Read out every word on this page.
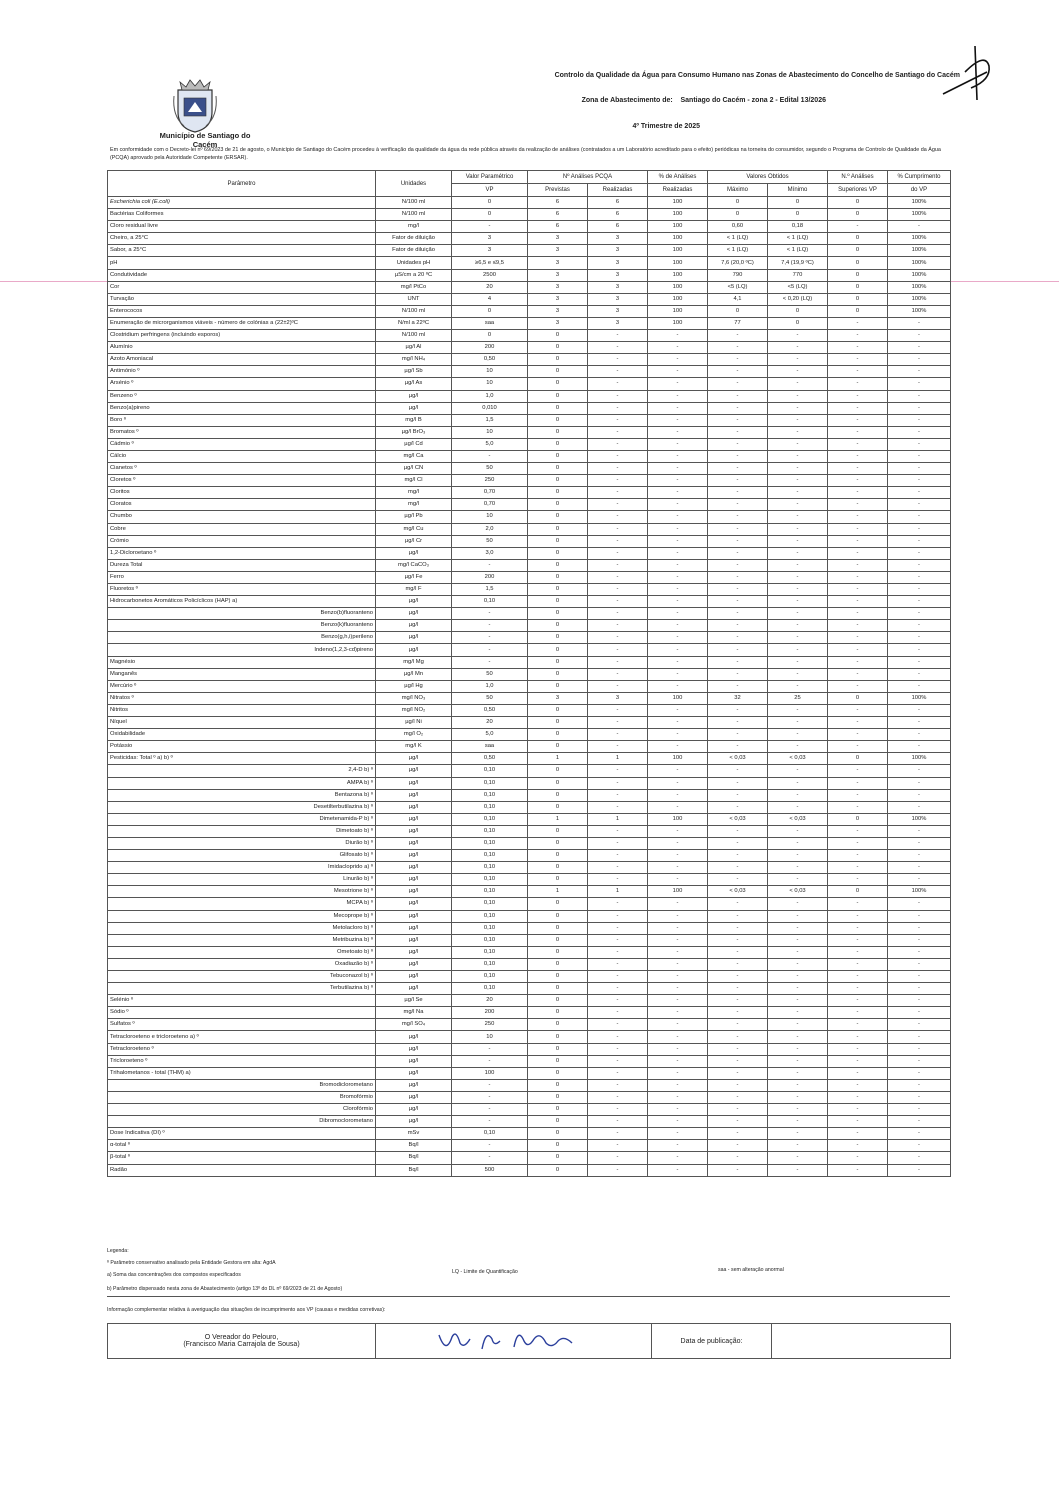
Município de Santiago do Cacém
Controlo da Qualidade da Água para Consumo Humano nas Zonas de Abastecimento do Concelho de Santiago do Cacém
Zona de Abastecimento de: Santiago do Cacém - zona 2 - Edital 13/2026
4º Trimestre de 2025
Em conformidade com o Decreto-lei nº 69/2023 de 21 de agosto, o Município de Santiago do Cacém procedeu à verificação da qualidade da água da rede pública através da realização de análises (contratados a um Laboratório acreditado para o efeito) periódicas na torneira do consumidor, segundo o Programa de Controlo de Qualidade da Água (PCQA) aprovado pela Autoridade Competente (ERSAR).
Parâmetro	Unidades	Valor Paramétrico	Nº Análises PCQA		% de Análises	Valores Obtidos		N.º Análises	% Cumprimento
		VP	Previstas	Realizadas	Realizadas	Máximo	Mínimo	Superiores VP	do VP
Escherichia coli (E.coli)	N/100 ml	0	6	6	100	0	0	0	100%
Bactérias Coliformes	N/100 ml	0	6	6	100	0	0	0	100%
Cloro residual livre	mg/l	-	6	6	100	0,60	0,18	-	-
Cheiro, a 25°C	Fator de diluição	3	3	3	100	< 1 (LQ)	< 1 (LQ)	0	100%
Sabor, a 25°C	Fator de diluição	3	3	3	100	< 1 (LQ)	< 1 (LQ)	0	100%
pH	Unidades pH	≥6,5 e ≤9,5	3	3	100	7,6 (20,0 ºC)	7,4 (19,9 ºC)	0	100%
Condutividade	µS/cm a 20 ºC	2500	3	3	100	790	770	0	100%
Cor	mg/l PtCo	20	3	3	100	<5 (LQ)	<5 (LQ)	0	100%
Turvação	UNT	4	3	3	100	4,1	< 0,20 (LQ)	0	100%
Enterococos	N/100 ml	0	3	3	100	0	0	0	100%
Enumeração de microrganismos viáveis - número de colónias a (22±2)ºC	N/ml a 22ºC	saa	3	3	100	77	0	-	-
Clostridium perfringens (incluindo esporos)	N/100 ml	0	0	-	-	-	-	-	-
Alumínio	µg/l Al	200	0	-	-	-	-	-	-
Azoto Amoniacal	mg/l NH₄	0,50	0	-	-	-	-	-	-
Antimónio º	µg/l Sb	10	0	-	-	-	-	-	-
Arsénio º	µg/l As	10	0	-	-	-	-	-	-
Benzeno º	µg/l	1,0	0	-	-	-	-	-	-
Benzo(a)pireno	µg/l	0,010	0	-	-	-	-	-	-
Boro º	mg/l B	1,5	0	-	-	-	-	-	-
Bromatos º	µg/l BrO₃	10	0	-	-	-	-	-	-
Cádmio º	µg/l Cd	5,0	0	-	-	-	-	-	-
Cálcio	mg/l Ca	-	0	-	-	-	-	-	-
Cianetos º	µg/l CN	50	0	-	-	-	-	-	-
Cloretos º	mg/l Cl	250	0	-	-	-	-	-	-
Cloritos	mg/l	0,70	0	-	-	-	-	-	-
Cloratos	mg/l	0,70	0	-	-	-	-	-	-
Chumbo	µg/l Pb	10	0	-	-	-	-	-	-
Cobre	mg/l Cu	2,0	0	-	-	-	-	-	-
Crómio	µg/l Cr	50	0	-	-	-	-	-	-
1,2-Dicloroetano º	µg/l	3,0	0	-	-	-	-	-	-
Dureza Total	mg/l CaCO₃	-	0	-	-	-	-	-	-
Ferro	µg/l Fe	200	0	-	-	-	-	-	-
Fluoretos º	mg/l F	1,5	0	-	-	-	-	-	-
Hidrocarbonetos Aromáticos Policíclicos (HAP) a)	µg/l	0,10	0	-	-	-	-	-	-
Benzo(b)fluoranteno	µg/l	-	0	-	-	-	-	-	-
Benzo(k)fluoranteno	µg/l	-	0	-	-	-	-	-	-
Benzo(g,h,i)perileno	µg/l	-	0	-	-	-	-	-	-
Indeno(1,2,3-cd)pireno	µg/l	-	0	-	-	-	-	-	-
Magnésio	mg/l Mg	-	0	-	-	-	-	-	-
Manganês	µg/l Mn	50	0	-	-	-	-	-	-
Mercúrio º	µg/l Hg	1,0	0	-	-	-	-	-	-
Nitratos º	mg/l NO₃	50	3	3	100	32	25	0	100%
Nitritos	mg/l NO₂	0,50	0	-	-	-	-	-	-
Níquel	µg/l Ni	20	0	-	-	-	-	-	-
Oxidabilidade	mg/l O₂	5,0	0	-	-	-	-	-	-
Potássio	mg/l K	saa	0	-	-	-	-	-	-
Pesticidas: Total º a) b) º	µg/l	0,50	1	1	100	< 0,03	< 0,03	0	100%
2,4-D b) º	µg/l	0,10	0	-	-	-	-	-	-
AMPA b) º	µg/l	0,10	0	-	-	-	-	-	-
Bentazona b) º	µg/l	0,10	0	-	-	-	-	-	-
Desetilterbutilazina b) º	µg/l	0,10	0	-	-	-	-	-	-
Dimetenamida-P b) º	µg/l	0,10	1	1	100	< 0,03	< 0,03	0	100%
Dimetoato b) º	µg/l	0,10	0	-	-	-	-	-	-
Diurão b) º	µg/l	0,10	0	-	-	-	-	-	-
Glifosato b) º	µg/l	0,10	0	-	-	-	-	-	-
Imidacloprido a) º	µg/l	0,10	0	-	-	-	-	-	-
Linurão b) º	µg/l	0,10	0	-	-	-	-	-	-
Mesotrione b) º	µg/l	0,10	1	1	100	< 0,03	< 0,03	0	100%
MCPA b) º	µg/l	0,10	0	-	-	-	-	-	-
Mecoprope b) º	µg/l	0,10	0	-	-	-	-	-	-
Metolacloro b) º	µg/l	0,10	0	-	-	-	-	-	-
Metribuzina b) º	µg/l	0,10	0	-	-	-	-	-	-
Ometoato b) º	µg/l	0,10	0	-	-	-	-	-	-
Oxadiazão b) º	µg/l	0,10	0	-	-	-	-	-	-
Tebuconazol b) º	µg/l	0,10	0	-	-	-	-	-	-
Terbutilazina b) º	µg/l	0,10	0	-	-	-	-	-	-
Selénio º	µg/l Se	20	0	-	-	-	-	-	-
Sódio º	mg/l Na	200	0	-	-	-	-	-	-
Sulfatos º	mg/l SO₄	250	0	-	-	-	-	-	-
Tetracloroeteno e tricloroeteno a) º	µg/l	10	0	-	-	-	-	-	-
Tetracloroeteno º	µg/l	-	0	-	-	-	-	-	-
Tricloroeteno º	µg/l	-	0	-	-	-	-	-	-
Trihalometanos - total (THM) a)	µg/l	100	0	-	-	-	-	-	-
Bromodiclorometano	µg/l	-	0	-	-	-	-	-	-
Bromofórmio	µg/l	-	0	-	-	-	-	-	-
Clorofórmio	µg/l	-	0	-	-	-	-	-	-
Dibromoclorometano	µg/l	-	0	-	-	-	-	-	-
Dose Indicativa (DI) º	mSv	0,10	0	-	-	-	-	-	-
α-total º	Bq/l	-	0	-	-	-	-	-	-
β-total º	Bq/l	-	0	-	-	-	-	-	-
Radão	Bq/l	500	0	-	-	-	-	-	-
Legenda:
º Parâmetro conservativo analisado pela Entidade Gestora em alta: AgdA
a) Soma das concentrações dos compostos especificados	LQ - Limite de Quantificação	saa - sem alteração anormal
b) Parâmetro dispensado nesta zona de Abastecimento (artigo 13º do DL nº 69/2023 de 21 de Agosto)
Informação complementar relativa à averiguação das situações de incumprimento aos VP (causas e medidas corretivas):
O Vereador do Pelouro,
(Francisco Maria Carrajola de Sousa)		Data de publicação:	
